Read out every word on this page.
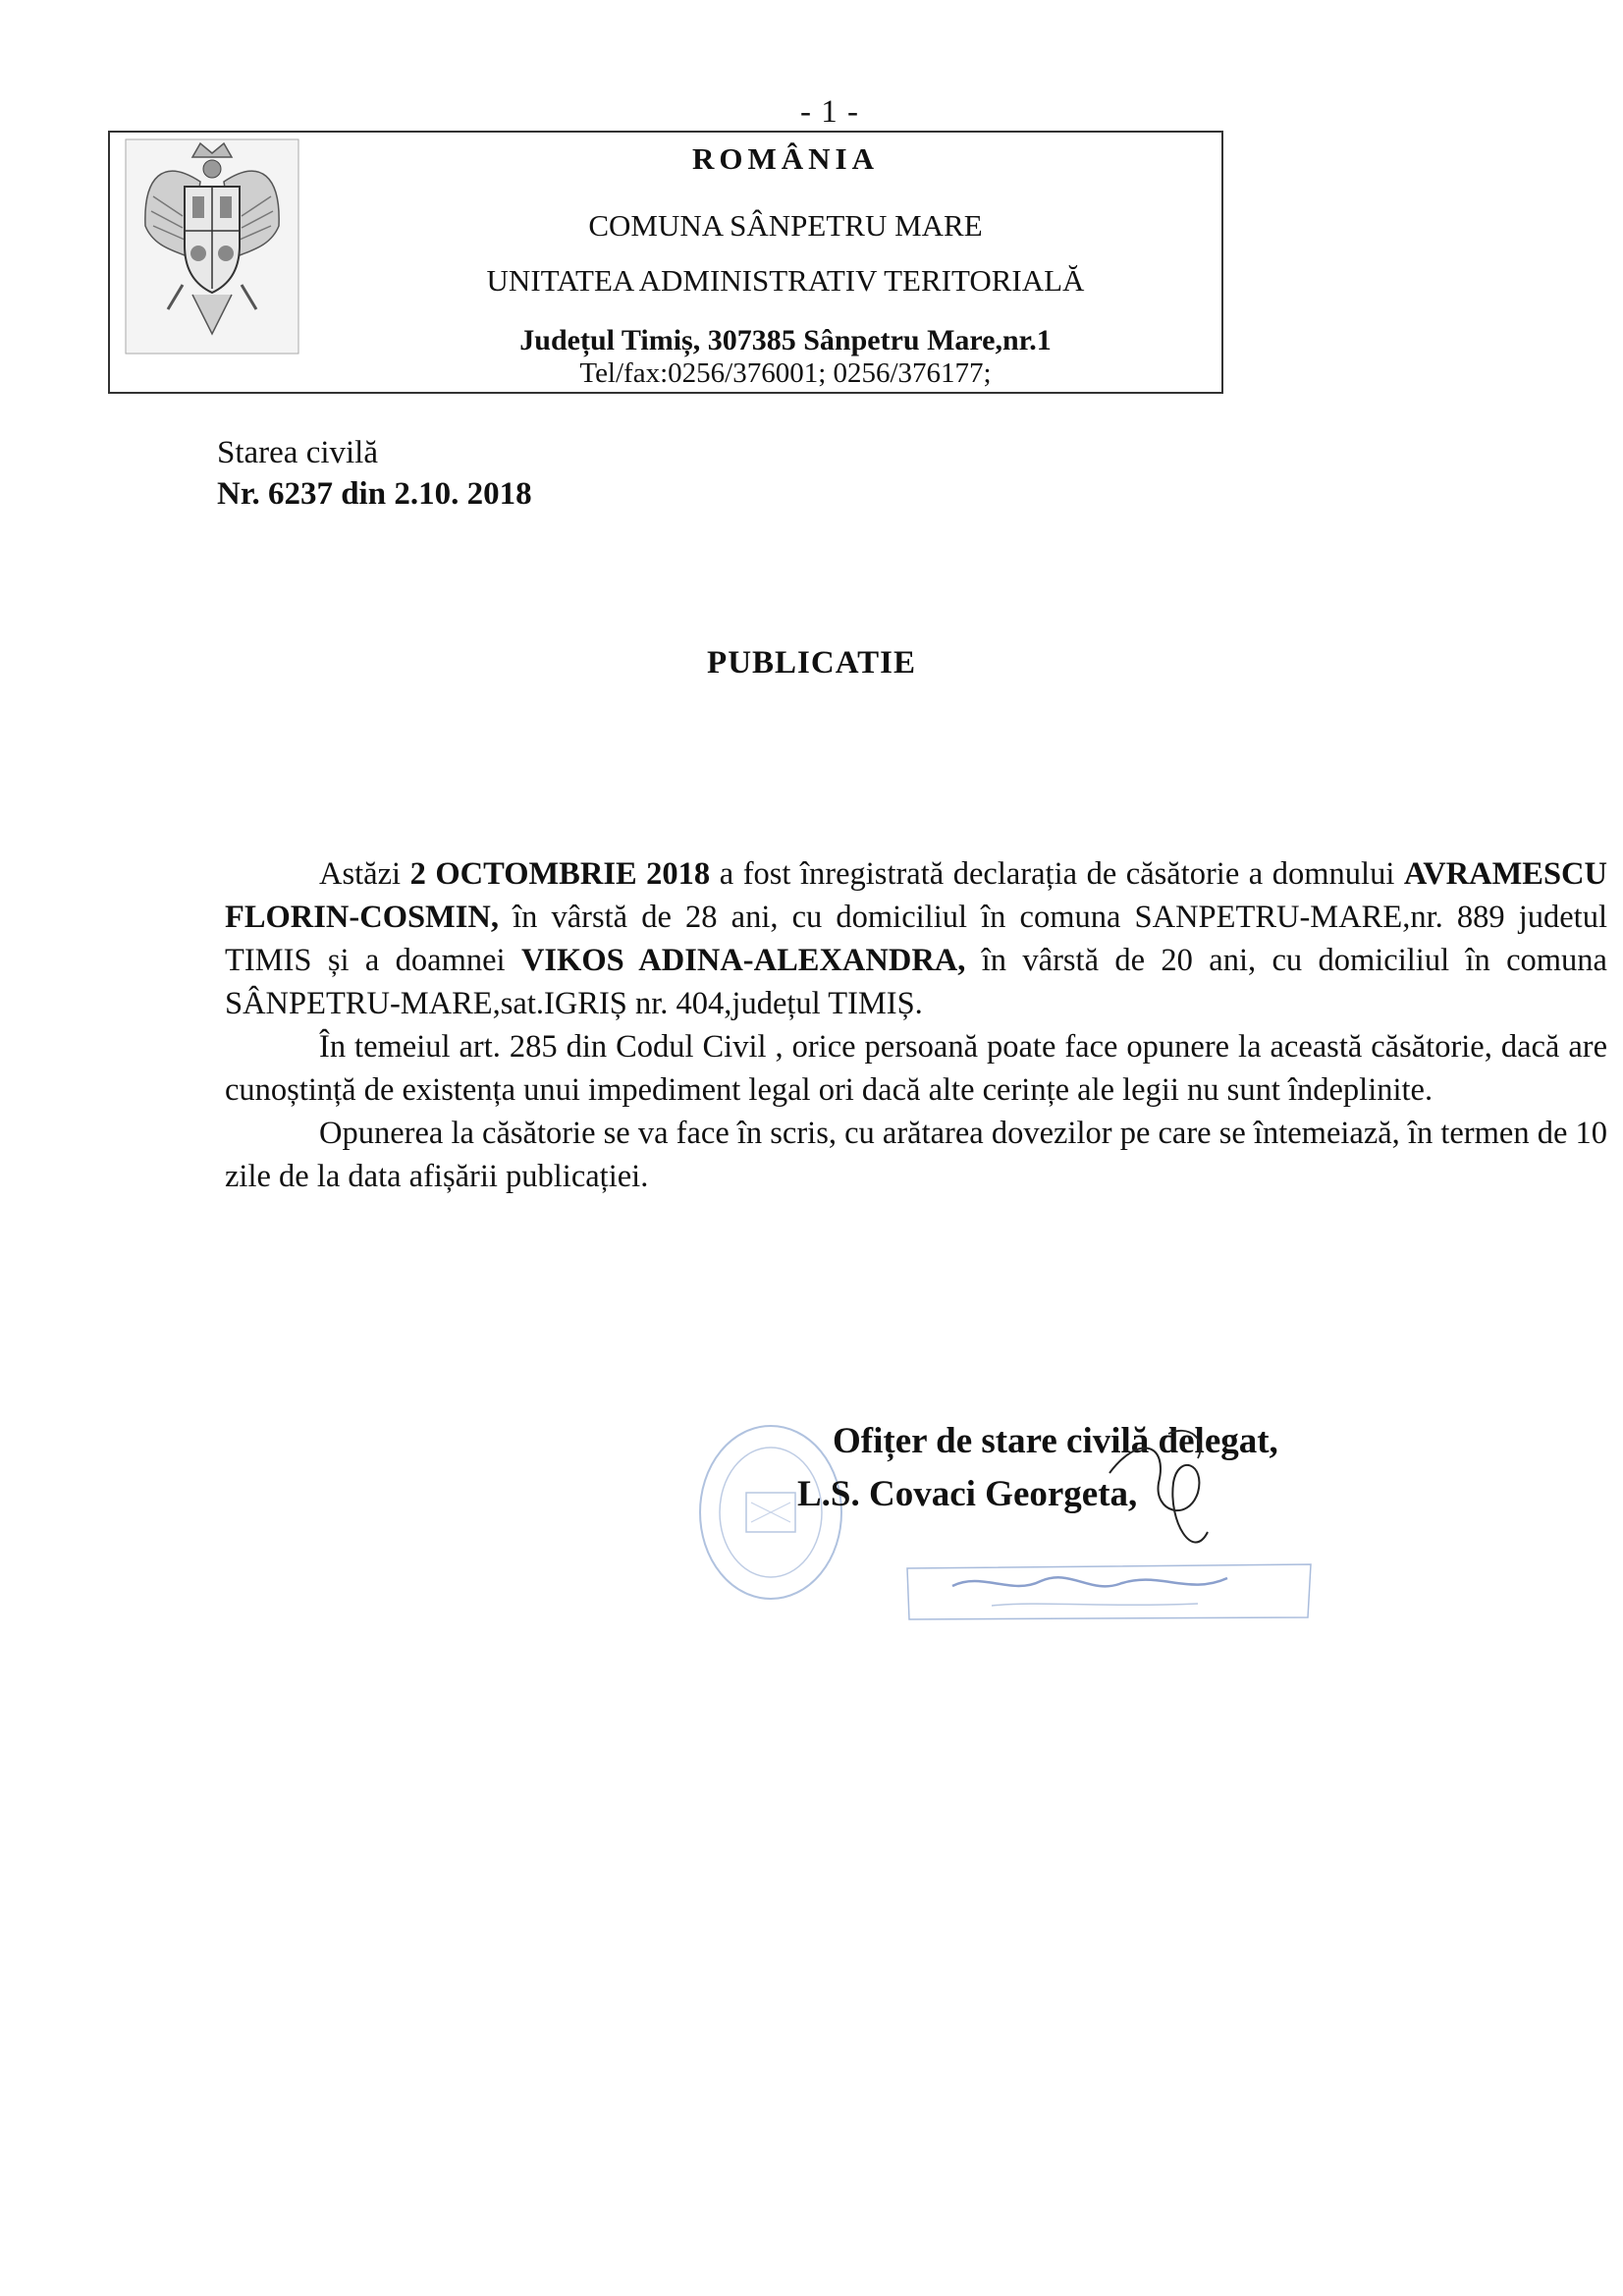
- 1 -
ROMÂNIA
COMUNA SÂNPETRU MARE
UNITATEA ADMINISTRATIV TERITORIALĂ
Județul Timiș, 307385 Sânpetru Mare,nr.1
Tel/fax:0256/376001; 0256/376177;
Starea civilă
Nr. 6237 din 2.10. 2018
PUBLICATIE

Astăzi 2 OCTOMBRIE 2018 a fost înregistrată declarația de căsătorie a domnului AVRAMESCU FLORIN-COSMIN, în vârstă de 28 ani, cu domiciliul în comuna SANPETRU-MARE,nr. 889 judetul TIMIS și a doamnei VIKOS ADINA-ALEXANDRA, în vârstă de 20 ani, cu domiciliul în comuna SÂNPETRU-MARE,sat.IGRIȘ nr. 404,județul TIMIȘ.

În temeiul art. 285 din Codul Civil , orice persoană poate face opunere la această căsătorie, dacă are cunoștință de existența unui impediment legal ori dacă alte cerințe ale legii nu sunt îndeplinite.

Opunerea la căsătorie se va face în scris, cu arătarea dovezilor pe care se întemeiază, în termen de 10 zile de la data afișării publicației.

Ofițer de stare civilă delegat,
L.S. Covaci Georgeta,
